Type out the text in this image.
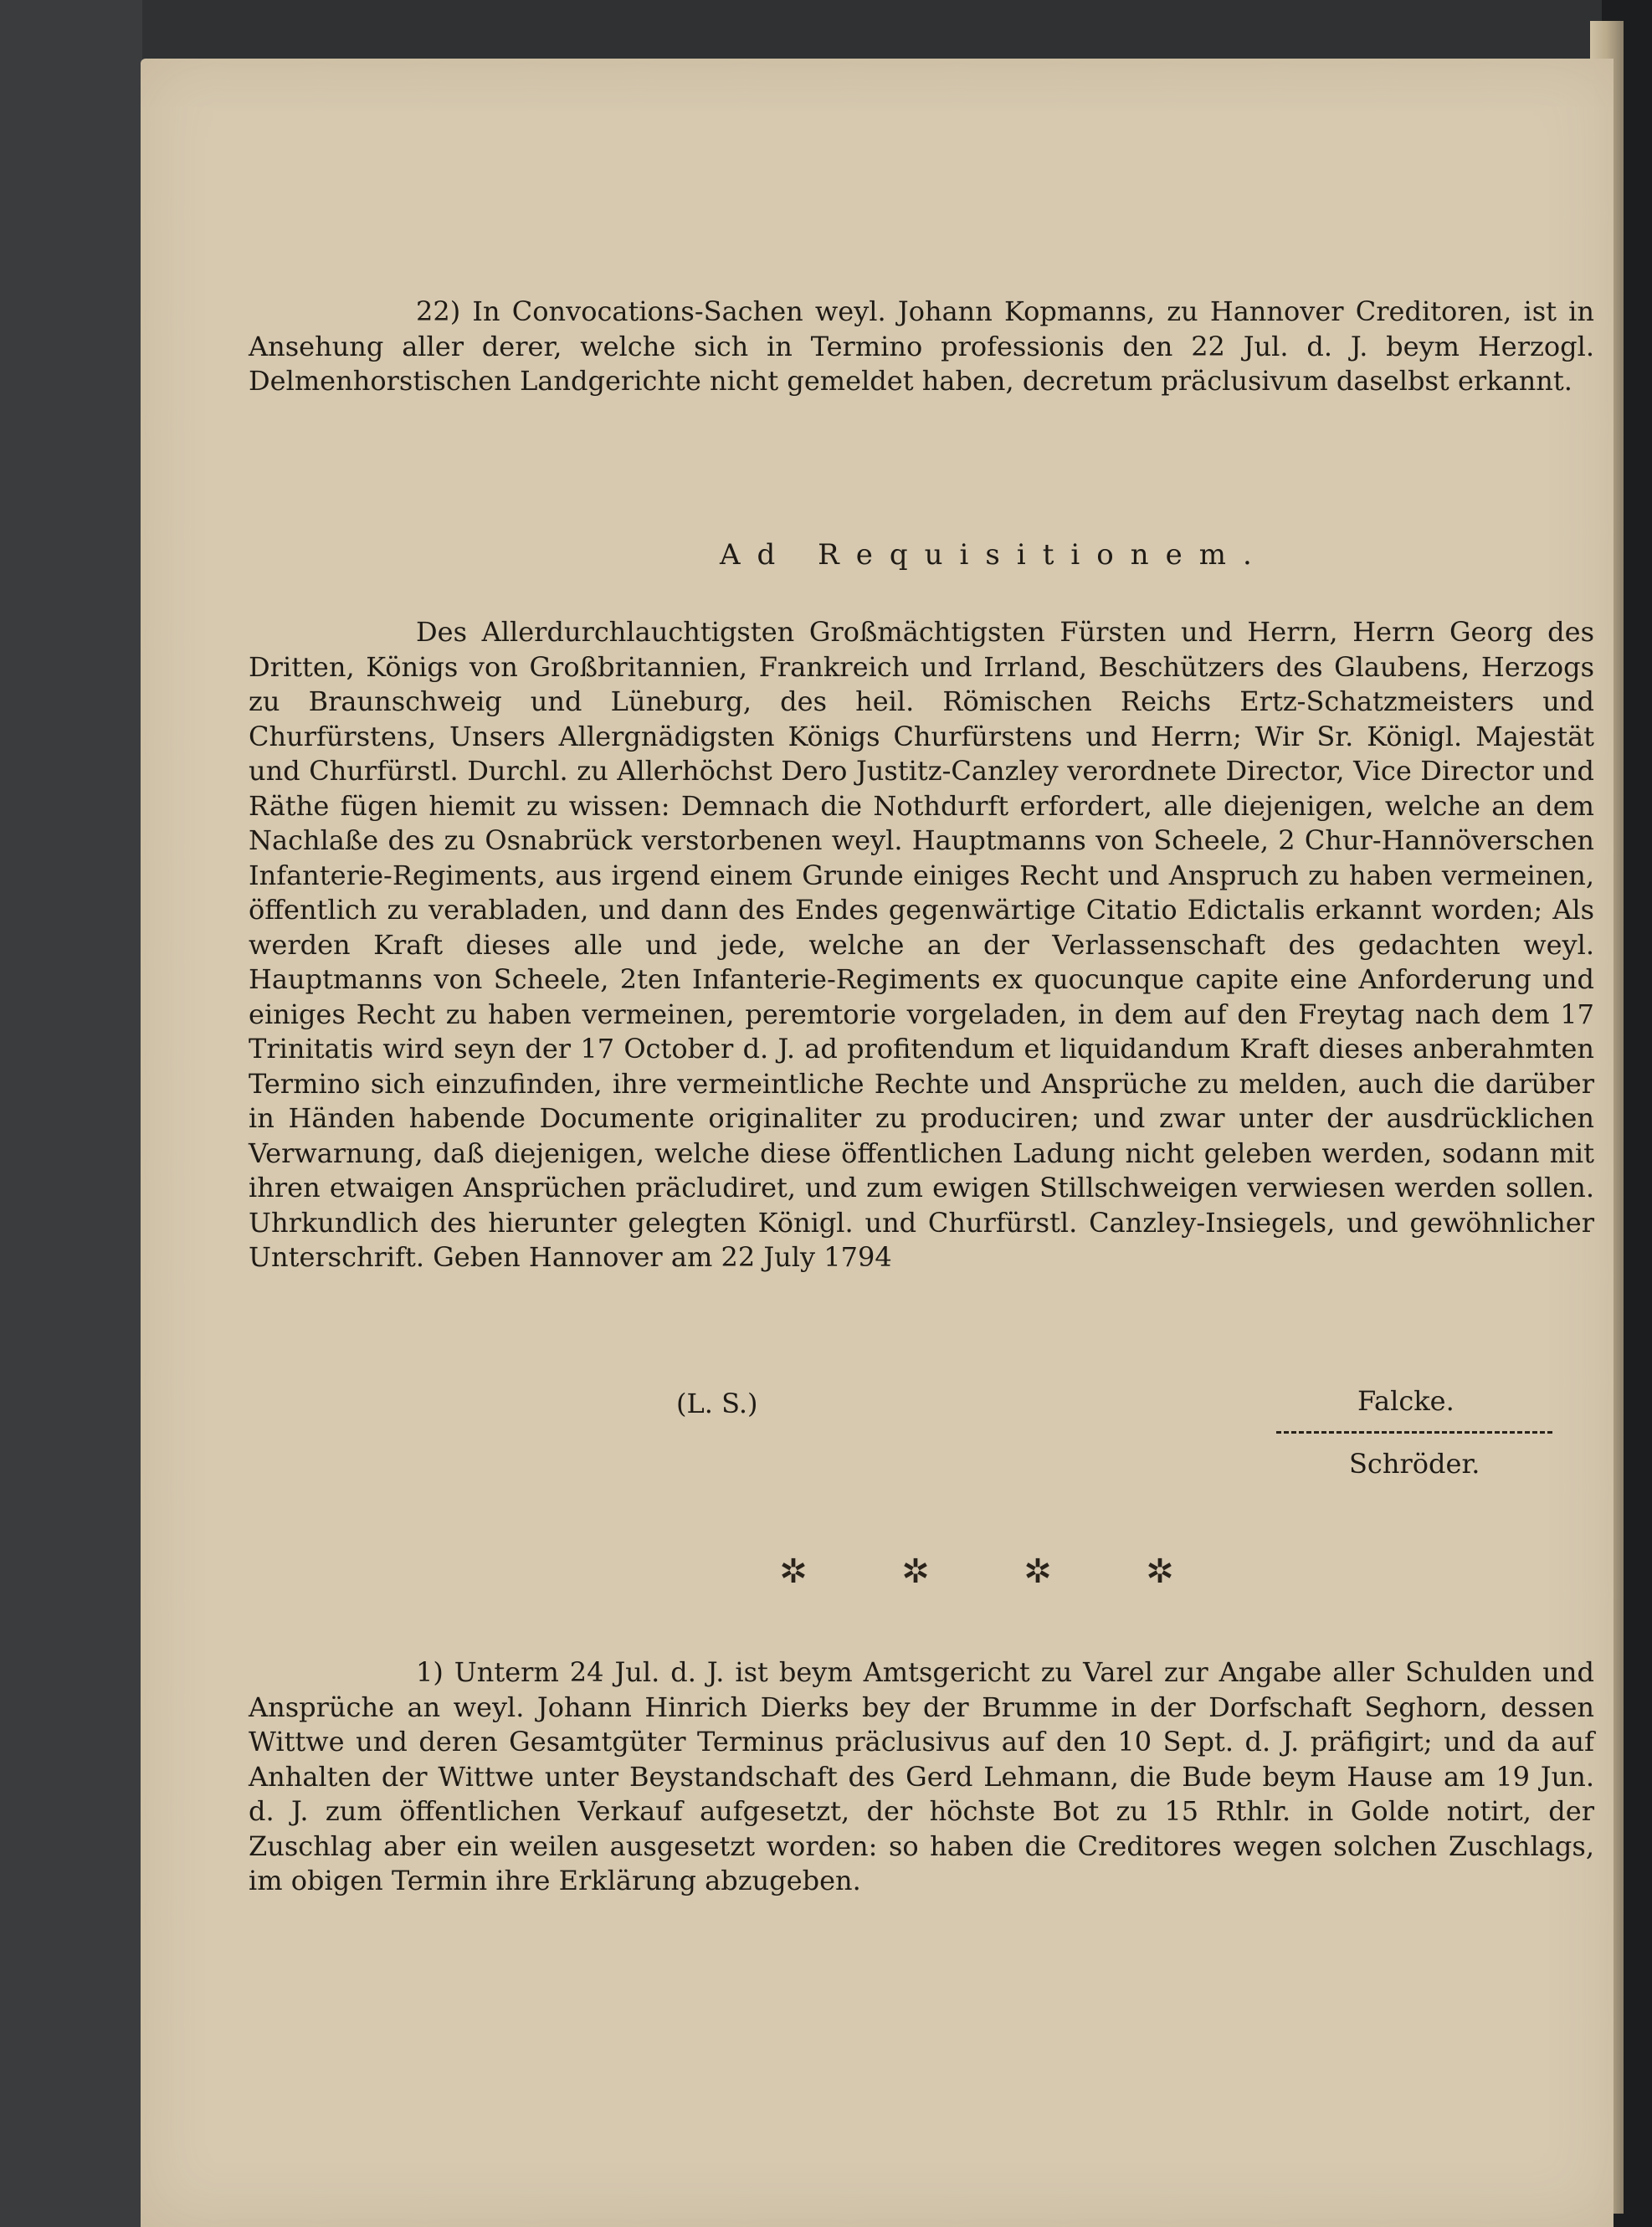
22) In Convocations-Sachen weyl. Johann Kopmanns, zu Hannover Creditoren, ist in Ansehung aller derer, welche sich in Termino professionis den 22 Jul. d. J. beym Herzogl. Delmenhorstischen Landgerichte nicht gemeldet haben, decretum präclusivum daselbst erkannt.

Ad Requisitionem.

Des Allerdurchlauchtigsten Großmächtigsten Fürsten und Herrn, Herrn Georg des Dritten, Königs von Großbritannien, Frankreich und Irrland, Beschützers des Glaubens, Herzogs zu Braunschweig und Lüneburg, des heil. Römischen Reichs Ertz-Schatzmeisters und Churfürstens, Unsers Allergnädigsten Königs Churfürstens und Herrn; Wir Sr. Königl. Majestät und Churfürstl. Durchl. zu Allerhöchst Dero Justitz-Canzley verordnete Director, Vice Director und Räthe fügen hiemit zu wissen: Demnach die Nothdurft erfordert, alle diejenigen, welche an dem Nachlaße des zu Osnabrück verstorbenen weyl. Hauptmanns von Scheele, 2 Chur-Hannöverschen Infanterie-Regiments, aus irgend einem Grunde einiges Recht und Anspruch zu haben vermeinen, öffentlich zu verabladen, und dann des Endes gegenwärtige Citatio Edictalis erkannt worden; Als werden Kraft dieses alle und jede, welche an der Verlassenschaft des gedachten weyl. Hauptmanns von Scheele, 2ten Infanterie-Regiments ex quocunque capite eine Anforderung und einiges Recht zu haben vermeinen, peremtorie vorgeladen, in dem auf den Freytag nach dem 17 Trinitatis wird seyn der 17 October d. J. ad profitendum et liquidandum Kraft dieses anberahmten Termino sich einzufinden, ihre vermeintliche Rechte und Ansprüche zu melden, auch die darüber in Händen habende Documente originaliter zu produciren; und zwar unter der ausdrücklichen Verwarnung, daß diejenigen, welche diese öffentlichen Ladung nicht geleben werden, sodann mit ihren etwaigen Ansprüchen präcludiret, und zum ewigen Stillschweigen verwiesen werden sollen. Uhrkundlich des hierunter gelegten Königl. und Churfürstl. Canzley-Insiegels, und gewöhnlicher Unterschrift. Geben Hannover am 22 July 1794

(L. S.)	Falcke.
Schröder.
✲	✲	✲	✲

1) Unterm 24 Jul. d. J. ist beym Amtsgericht zu Varel zur Angabe aller Schulden und Ansprüche an weyl. Johann Hinrich Dierks bey der Brumme in der Dorfschaft Seghorn, dessen Wittwe und deren Gesamtgüter Terminus präclusivus auf den 10 Sept. d. J. präfigirt; und da auf Anhalten der Wittwe unter Beystandschaft des Gerd Lehmann, die Bude beym Hause am 19 Jun. d. J. zum öffentlichen Verkauf aufgesetzt, der höchste Bot zu 15 Rthlr. in Golde notirt, der Zuschlag aber ein weilen ausgesetzt worden: so haben die Creditores wegen solchen Zuschlags, im obigen Termin ihre Erklärung abzugeben.
